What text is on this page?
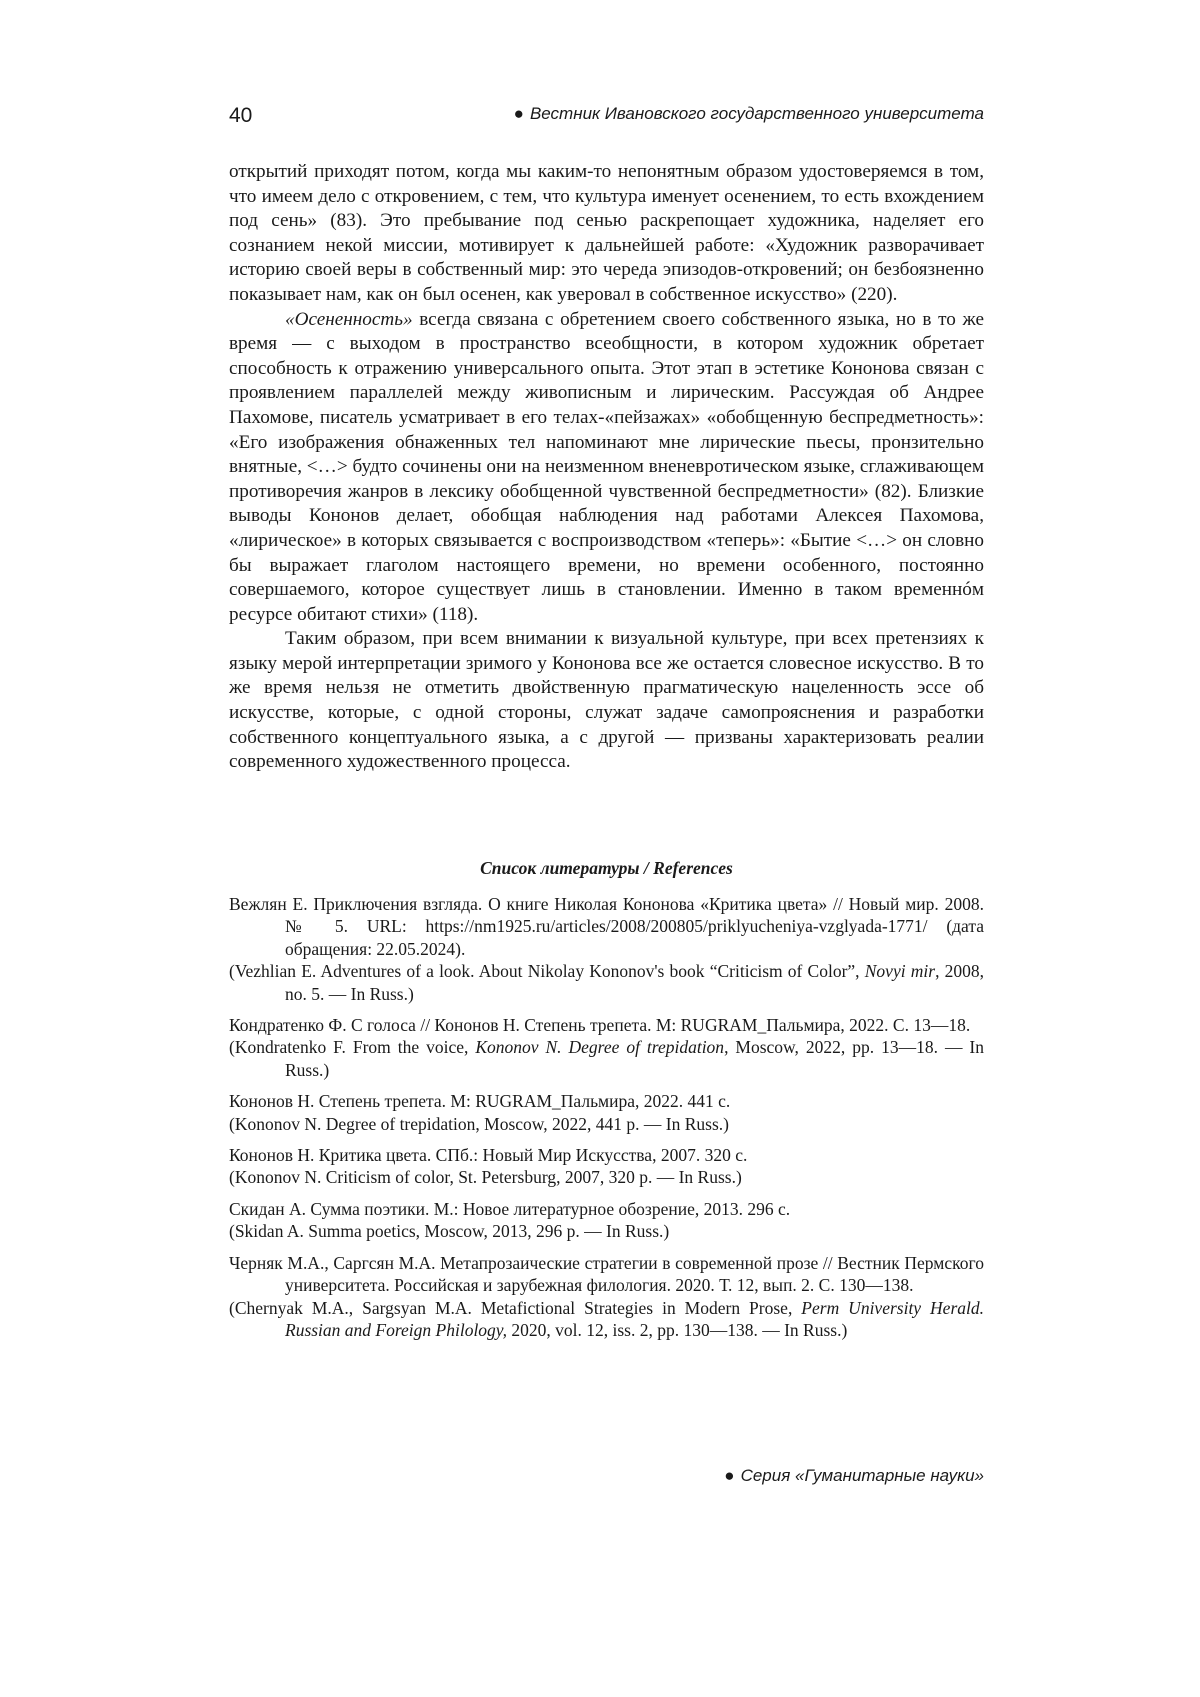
40	● Вестник Ивановского государственного университета

открытий приходят потом, когда мы каким-то непонятным образом удостоверяемся в том, что имеем дело с откровением, с тем, что культура именует осенением, то есть вхождением под сень» (83). Это пребывание под сенью раскрепощает художника, наделяет его сознанием некой миссии, мотивирует к дальнейшей работе: «Художник разворачивает историю своей веры в собственный мир: это череда эпизодов-откровений; он безбоязненно показывает нам, как он был осенен, как уверовал в собственное искусство» (220).

«Осененность» всегда связана с обретением своего собственного языка, но в то же время — с выходом в пространство всеобщности, в котором художник обретает способность к отражению универсального опыта. Этот этап в эстетике Кононова связан с проявлением параллелей между живописным и лирическим. Рассуждая об Андрее Пахомове, писатель усматривает в его телах-«пейзажах» «обобщенную беспредметность»: «Его изображения обнаженных тел напоминают мне лирические пьесы, пронзительно внятные, <…> будто сочинены они на неизменном вненевротическом языке, сглаживающем противоречия жанров в лексику обобщенной чувственной беспредметности» (82). Близкие выводы Кононов делает, обобщая наблюдения над работами Алексея Пахомова, «лирическое» в которых связывается с воспроизводством «теперь»: «Бытие <…> он словно бы выражает глаголом настоящего времени, но времени особенного, постоянно совершаемого, которое существует лишь в становлении. Именно в таком временнóм ресурсе обитают стихи» (118).

Таким образом, при всем внимании к визуальной культуре, при всех претензиях к языку мерой интерпретации зримого у Кононова все же остается словесное искусство. В то же время нельзя не отметить двойственную прагматическую нацеленность эссе об искусстве, которые, с одной стороны, служат задаче самопрояснения и разработки собственного концептуального языка, а с другой — призваны характеризовать реалии современного художественного процесса.

Список литературы / References

Вежлян Е. Приключения взгляда. О книге Николая Кононова «Критика цвета» // Новый мир. 2008. № 5. URL: https://nm1925.ru/articles/2008/200805/priklyucheniya-vzglyada-1771/ (дата обращения: 22.05.2024).

(Vezhlian E. Adventures of a look. About Nikolay Kononov's book “Criticism of Color”, Novyi mir, 2008, no. 5. — In Russ.)

Кондратенко Ф. С голоса // Кононов Н. Степень трепета. М: RUGRAM_Пальмира, 2022. С. 13—18.

(Kondratenko F. From the voice, Kononov N. Degree of trepidation, Moscow, 2022, pp. 13—18. — In Russ.)

Кононов Н. Степень трепета. М: RUGRAM_Пальмира, 2022. 441 с.

(Kononov N. Degree of trepidation, Moscow, 2022, 441 p. — In Russ.)

Кононов Н. Критика цвета. СПб.: Новый Мир Искусства, 2007. 320 с.

(Kononov N. Criticism of color, St. Petersburg, 2007, 320 p. — In Russ.)

Скидан А. Сумма поэтики. М.: Новое литературное обозрение, 2013. 296 с.

(Skidan A. Summa poetics, Moscow, 2013, 296 p. — In Russ.)

Черняк М.А., Саргсян М.А. Метапрозаические стратегии в современной прозе // Вестник Пермского университета. Российская и зарубежная филология. 2020. Т. 12, вып. 2. С. 130—138.

(Chernyak M.A., Sargsyan M.A. Metafictional Strategies in Modern Prose, Perm University Herald. Russian and Foreign Philology, 2020, vol. 12, iss. 2, pp. 130—138. — In Russ.)

● Серия «Гуманитарные науки»
